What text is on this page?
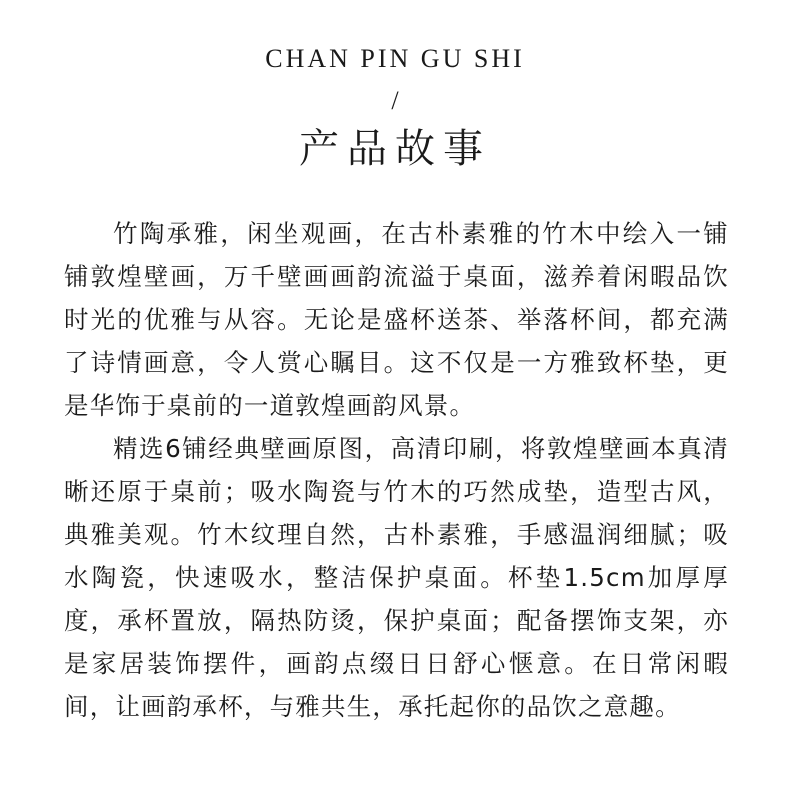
CHAN PIN GU SHI
/
产品故事

竹陶承雅，闲坐观画，在古朴素雅的竹木中绘入一铺铺敦煌壁画，万千壁画画韵流溢于桌面，滋养着闲暇品饮时光的优雅与从容。无论是盛杯送茶、举落杯间，都充满了诗情画意，令人赏心瞩目。这不仅是一方雅致杯垫，更是华饰于桌前的一道敦煌画韵风景。

精选6铺经典壁画原图，高清印刷，将敦煌壁画本真清晰还原于桌前；吸水陶瓷与竹木的巧然成垫，造型古风，典雅美观。竹木纹理自然，古朴素雅，手感温润细腻；吸水陶瓷，快速吸水，整洁保护桌面。杯垫1.5cm加厚厚度，承杯置放，隔热防烫，保护桌面；配备摆饰支架，亦是家居装饰摆件，画韵点缀日日舒心惬意。在日常闲暇间，让画韵承杯，与雅共生，承托起你的品饮之意趣。
